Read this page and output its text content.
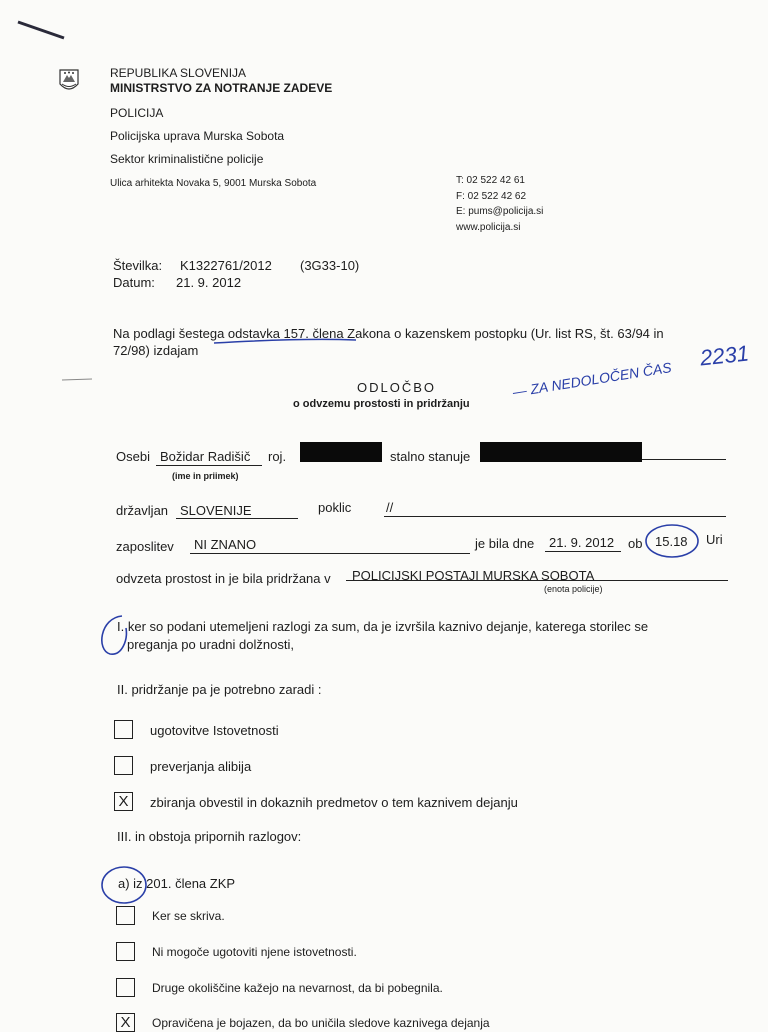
REPUBLIKA SLOVENIJA
MINISTRSTVO ZA NOTRANJE ZADEVE
POLICIJA
Policijska uprava Murska Sobota
Sektor kriminalistične policije
Ulica arhitekta Novaka 5, 9001 Murska Sobota	T: 02 522 42 61
F: 02 522 42 62
E: pums@policija.si
www.policija.si
Številka: K1322761/2012 (3G33-10)
Datum: 21. 9. 2012
Na podlagi šestega odstavka 157. člena Zakona o kazenskem postopku (Ur. list RS, št. 63/94 in
72/98) izdajam
ODLOČBO
o odvzemu prostosti in pridržanju
— ZA NEDOLOČEN ČAS
2231
Osebi Božidar Radišič roj.	stalno stanuje
(ime in priimek)
državljan SLOVENIJE	poklic	//
zaposlitev NI ZNANO	je bila dne 21. 9. 2012 ob 15.18 Uri
odvzeta prostost in je bila pridržana v POLICIJSKI POSTAJI MURSKA SOBOTA
(enota policije)
I. ker so podani utemeljeni razlogi za sum, da je izvršila kaznivo dejanje, katerega storilec se
preganja po uradni dolžnosti,
II. pridržanje pa je potrebno zaradi :
ugotovitve Istovetnosti
preverjanja alibija
X	zbiranja obvestil in dokaznih predmetov o tem kaznivem dejanju
III. in obstoja pripornih razlogov:
a) iz 201. člena ZKP
Ker se skriva.
Ni mogoče ugotoviti njene istovetnosti.
Druge okoliščine kažejo na nevarnost, da bi pobegnila.
X	Opravičena je bojazen, da bo uničila sledove kaznivega dejanja
